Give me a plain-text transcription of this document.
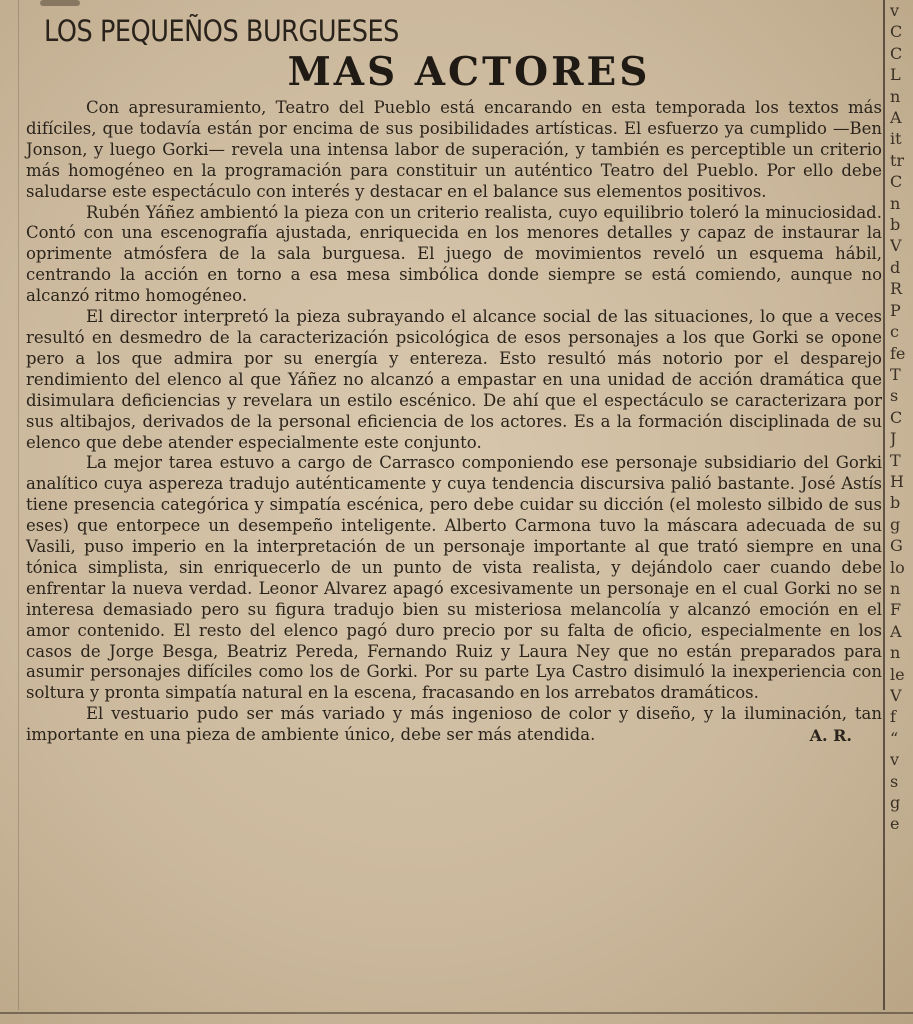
LOS PEQUEÑOS BURGUESES
MAS ACTORES

Con apresuramiento, Teatro del Pueblo está encarando en esta temporada los textos más difíciles, que todavía están por encima de sus posibilidades artísticas. El esfuerzo ya cumplido —Ben Jonson, y luego Gorki— revela una intensa labor de superación, y también es perceptible un criterio más homogéneo en la programación para constituir un auténtico Teatro del Pueblo. Por ello debe saludarse este espectáculo con interés y destacar en el balance sus elementos positivos.

Rubén Yáñez ambientó la pieza con un criterio realista, cuyo equilibrio toleró la minuciosidad. Contó con una escenografía ajustada, enriquecida en los menores detalles y capaz de instaurar la oprimente atmósfera de la sala burguesa. El juego de movimientos reveló un esquema hábil, centrando la acción en torno a esa mesa simbólica donde siempre se está comiendo, aunque no alcanzó ritmo homogéneo.

El director interpretó la pieza subrayando el alcance social de las situaciones, lo que a veces resultó en desmedro de la caracterización psicológica de esos personajes a los que Gorki se opone pero a los que admira por su energía y entereza. Esto resultó más notorio por el desparejo rendimiento del elenco al que Yáñez no alcanzó a empastar en una unidad de acción dramática que disimulara deficiencias y revelara un estilo escénico. De ahí que el espectáculo se caracterizara por sus altibajos, derivados de la personal eficiencia de los actores. Es a la formación disciplinada de su elenco que debe atender especialmente este conjunto.

La mejor tarea estuvo a cargo de Carrasco componiendo ese personaje subsidiario del Gorki analítico cuya aspereza tradujo auténticamente y cuya tendencia discursiva palió bastante. José Astís tiene presencia categórica y simpatía escénica, pero debe cuidar su dicción (el molesto silbido de sus eses) que entorpece un desempeño inteligente. Alberto Carmona tuvo la máscara adecuada de su Vasili, puso imperio en la interpretación de un personaje importante al que trató siempre en una tónica simplista, sin enriquecerlo de un punto de vista realista, y dejándolo caer cuando debe enfrentar la nueva verdad. Leonor Alvarez apagó excesivamente un personaje en el cual Gorki no se interesa demasiado pero su figura tradujo bien su misteriosa melancolía y alcanzó emoción en el amor contenido. El resto del elenco pagó duro precio por su falta de oficio, especialmente en los casos de Jorge Besga, Beatriz Pereda, Fernando Ruiz y Laura Ney que no están preparados para asumir personajes difíciles como los de Gorki. Por su parte Lya Castro disimuló la inexperiencia con soltura y pronta simpatía natural en la escena, fracasando en los arrebatos dramáticos.

El vestuario pudo ser más variado y más ingenioso de color y diseño, y la iluminación, tan importante en una pieza de ambiente único, debe ser más atendida.	A. R.
v
C
C
L
n
A
it
tr
C
n
b
V
d
R
P
c
fe
T
s
C
J
T
H
b
g
G
lo
n
F
A
n
le
V
f
“
v
s
g
e
